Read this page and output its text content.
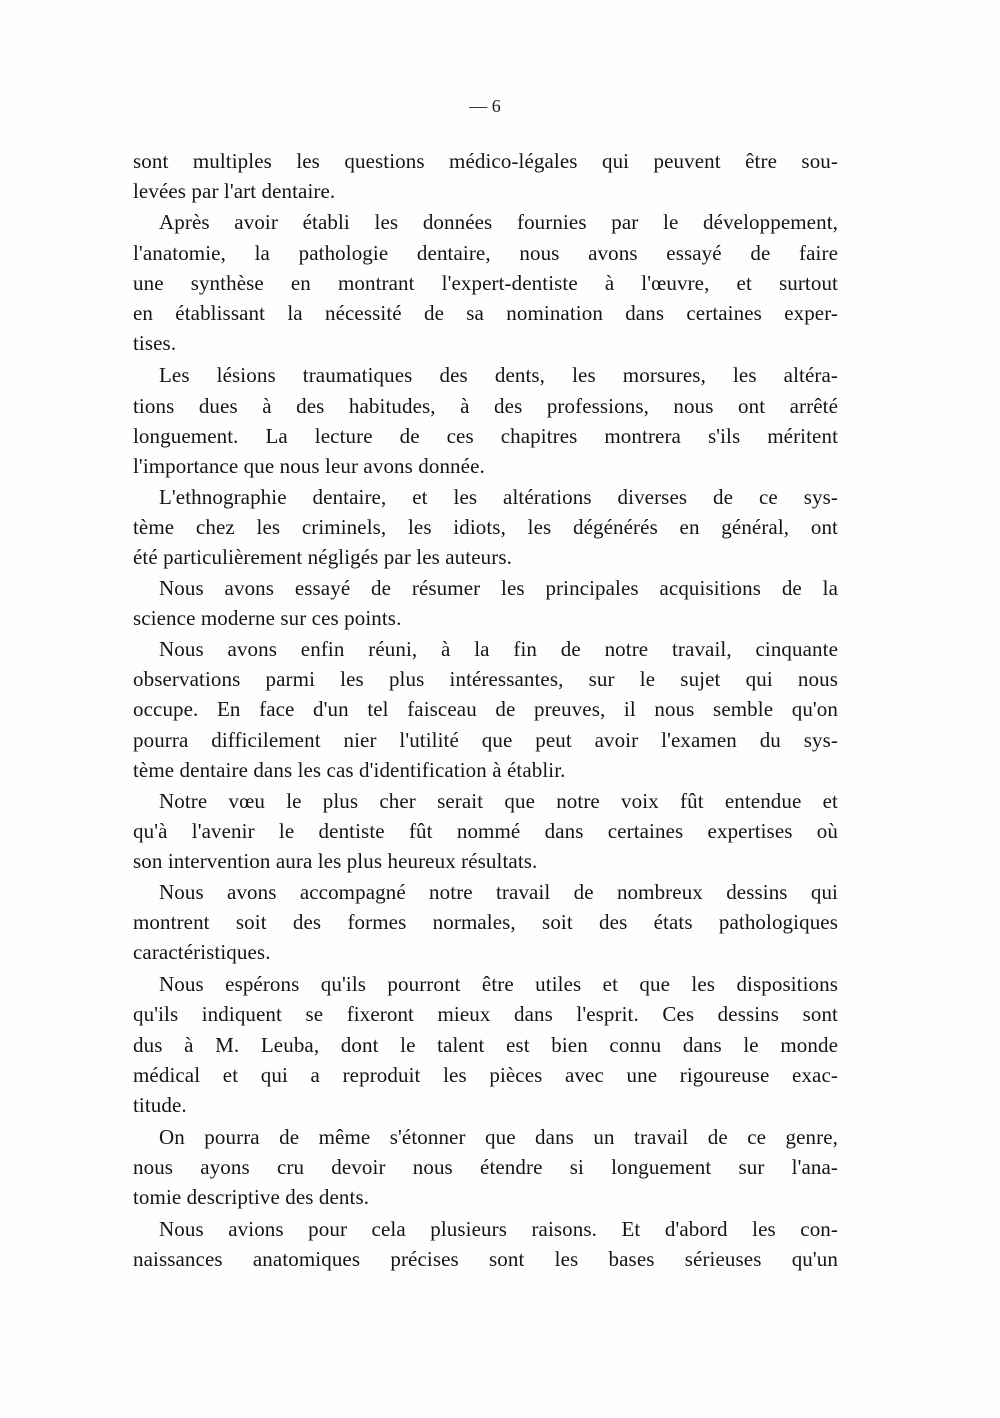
— 6
sont multiples les questions médico-légales qui peuvent être sou-
levées par l'art dentaire.
Après avoir établi les données fournies par le développement,
l'anatomie, la pathologie dentaire, nous avons essayé de faire
une synthèse en montrant l'expert-dentiste à l'œuvre, et surtout
en établissant la nécessité de sa nomination dans certaines exper-
tises.
Les lésions traumatiques des dents, les morsures, les altéra-
tions dues à des habitudes, à des professions, nous ont arrêté
longuement. La lecture de ces chapitres montrera s'ils méritent
l'importance que nous leur avons donnée.
L'ethnographie dentaire, et les altérations diverses de ce sys-
tème chez les criminels, les idiots, les dégénérés en général, ont
été particulièrement négligés par les auteurs.
Nous avons essayé de résumer les principales acquisitions de la
science moderne sur ces points.
Nous avons enfin réuni, à la fin de notre travail, cinquante
observations parmi les plus intéressantes, sur le sujet qui nous
occupe. En face d'un tel faisceau de preuves, il nous semble qu'on
pourra difficilement nier l'utilité que peut avoir l'examen du sys-
tème dentaire dans les cas d'identification à établir.
Notre vœu le plus cher serait que notre voix fût entendue et
qu'à l'avenir le dentiste fût nommé dans certaines expertises où
son intervention aura les plus heureux résultats.
Nous avons accompagné notre travail de nombreux dessins qui
montrent soit des formes normales, soit des états pathologiques
caractéristiques.
Nous espérons qu'ils pourront être utiles et que les dispositions
qu'ils indiquent se fixeront mieux dans l'esprit. Ces dessins sont
dus à M. Leuba, dont le talent est bien connu dans le monde
médical et qui a reproduit les pièces avec une rigoureuse exac-
titude.
On pourra de même s'étonner que dans un travail de ce genre,
nous ayons cru devoir nous étendre si longuement sur l'ana-
tomie descriptive des dents.
Nous avions pour cela plusieurs raisons. Et d'abord les con-
naissances anatomiques précises sont les bases sérieuses qu'un
